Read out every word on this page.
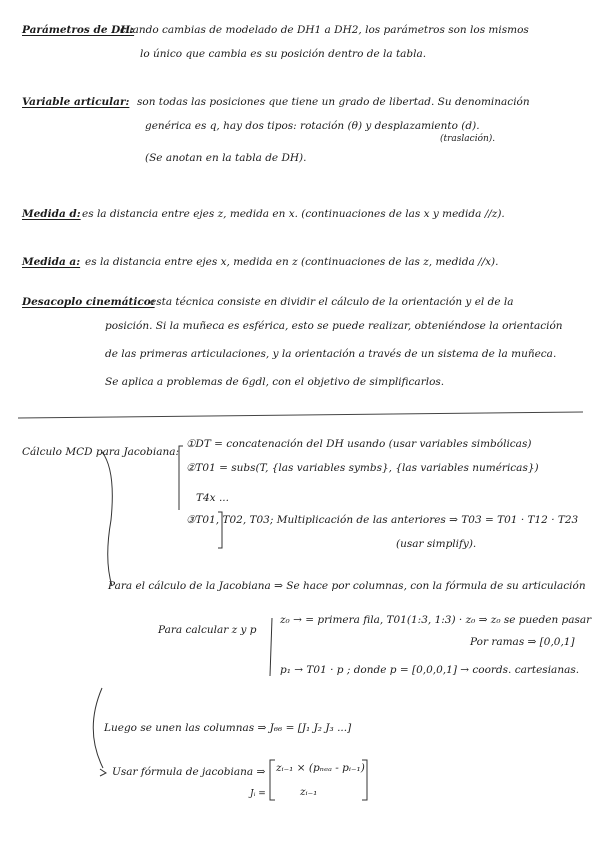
Parámetros de DH:
cuando cambias de modelado de DH1 a DH2, los parámetros son los mismos
lo único que cambia es su posición dentro de la tabla.
Variable articular: son todas las posiciones que tiene un grado de libertad. Su denominación
genérica es q, hay dos tipos: rotación (θ) y desplazamiento (d).
(traslación).
(Se anotan en la tabla de DH).
Medida d: es la distancia entre ejes z, medida en x. (continuaciones de las x y medida //z).
Medida a: es la distancia entre ejes x, medida en z (continuaciones de las z, medida //x).
Desacoplo cinemático:
esta técnica consiste en dividir el cálculo de la orientación y el de la
posición. Si la muñeca es esférica, esto se puede realizar, obteniéndose la orientación
de las primeras articulaciones, y la orientación a través de un sistema de la muñeca.
Se aplica a problemas de 6gdl, con el objetivo de simplificarlos.
Cálculo MCD para Jacobiana:
①DT = concatenación del DH usando (usar variables simbólicas)
②T01 = subs(T, {las variables symbs}, {las variables numéricas})
T4x ...
③T01, T02, T03; Multiplicación de las anteriores ⇒ T03 = T01 · T12 · T23
(usar simplify).
Para el cálculo de la Jacobiana ⇒ Se hace por columnas, con la fórmula de su articulación
Para calcular z y p
z₀ → = primera fila, T01(1:3, 1:3) · z₀ ⇒ z₀ se pueden pasar
Por ramas ⇒ [0,0,1]
p₁ → T01 · p ; donde p = [0,0,0,1] → coords. cartesianas.
Luego se unen las columnas ⇒ J₆₆ = [J₁ J₂ J₃ ...]
Usar fórmula de jacobiana ⇒
Jᵢ =
zᵢ₋₁ × (pₙₑₐ - pᵢ₋₁)
zᵢ₋₁
